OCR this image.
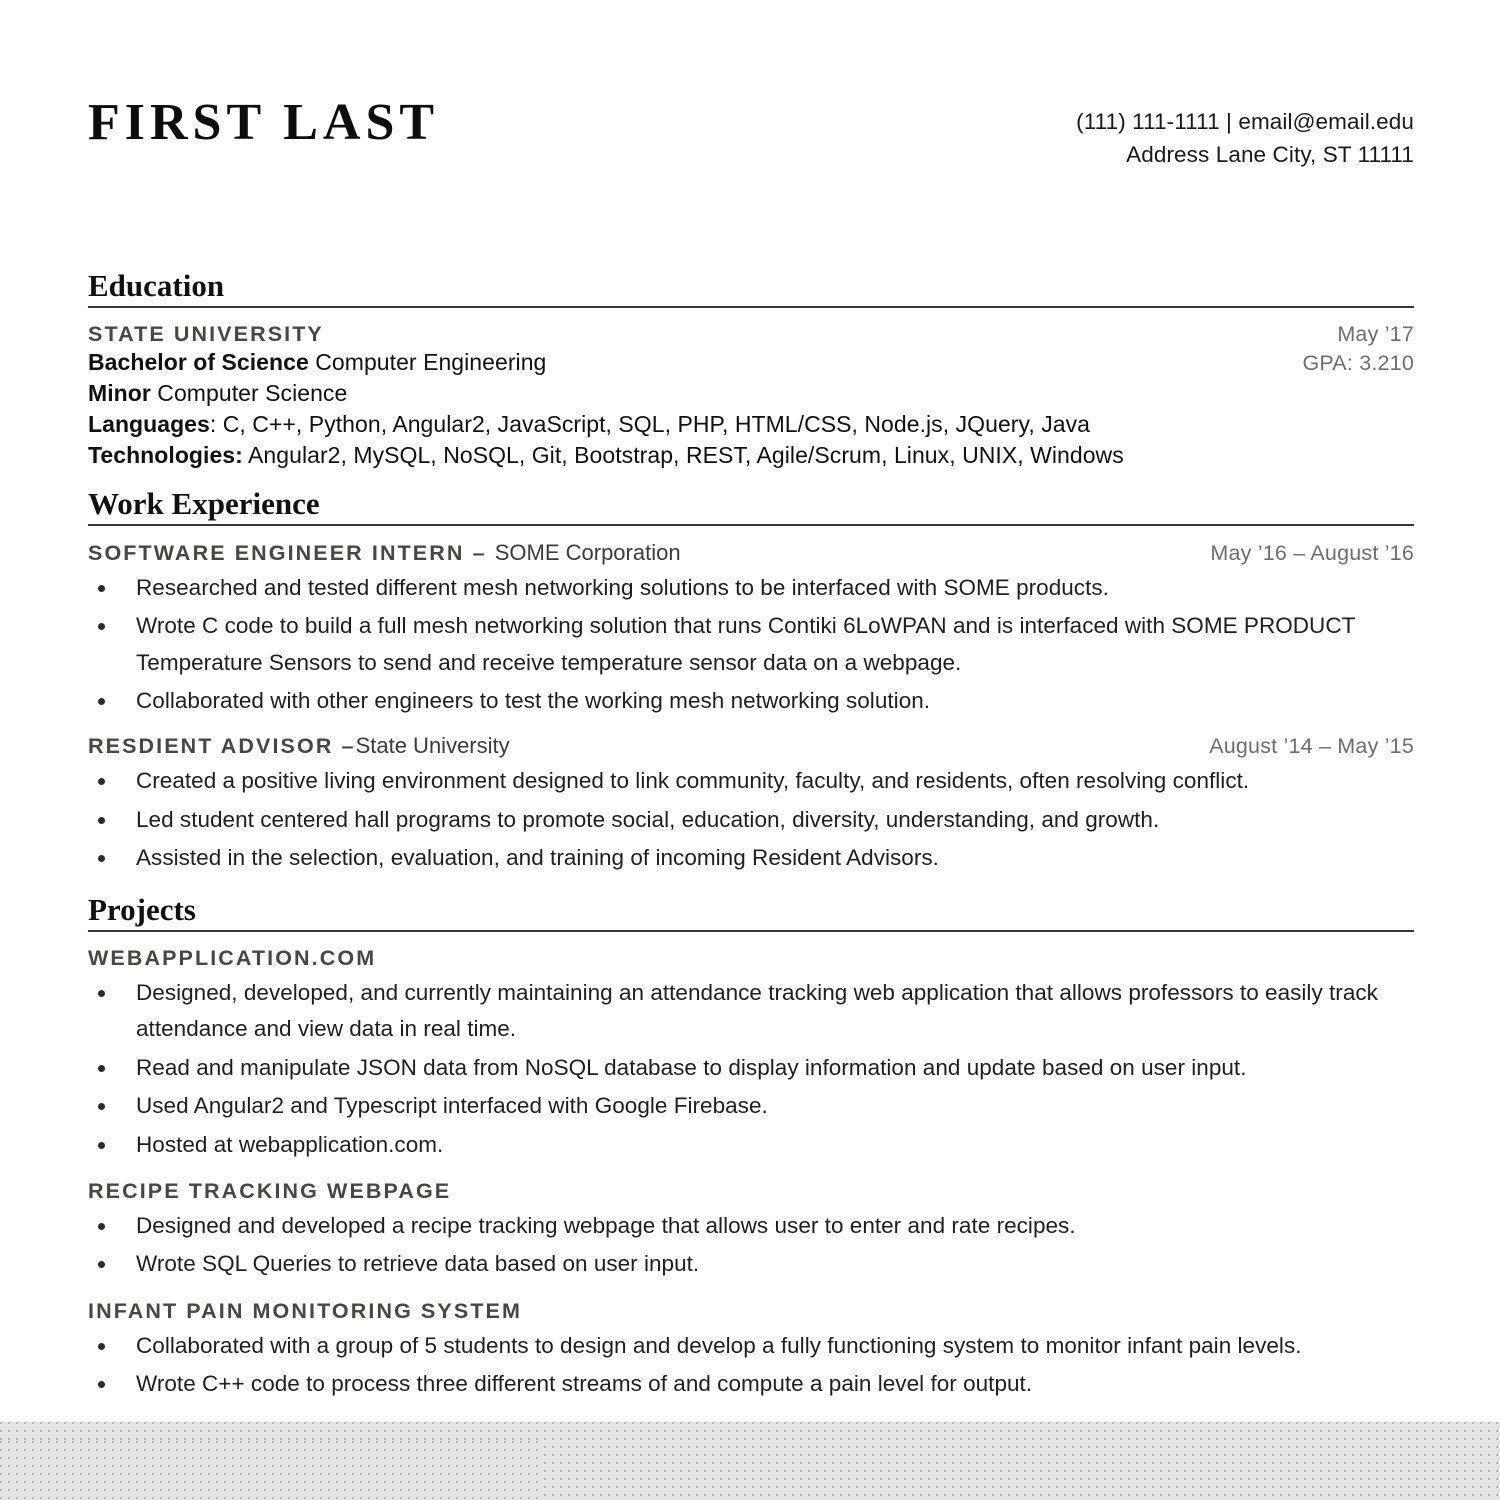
FIRST LAST	(111) 111-1111 | email@email.edu
Address Lane City, ST 11111
Education
STATE UNIVERSITY	May ’17
Bachelor of Science Computer Engineering	GPA: 3.210
Minor Computer Science
Languages: C, C++, Python, Angular2, JavaScript, SQL, PHP, HTML/CSS, Node.js, JQuery, Java
Technologies: Angular2, MySQL, NoSQL, Git, Bootstrap, REST, Agile/Scrum, Linux, UNIX, Windows
Work Experience
SOFTWARE ENGINEER INTERN – SOME Corporation	May ’16 – August ’16
Researched and tested different mesh networking solutions to be interfaced with SOME products.
Wrote C code to build a full mesh networking solution that runs Contiki 6LoWPAN and is interfaced with SOME PRODUCT Temperature Sensors to send and receive temperature sensor data on a webpage.
Collaborated with other engineers to test the working mesh networking solution.
RESDIENT ADVISOR –State University	August ’14 – May ’15
Created a positive living environment designed to link community, faculty, and residents, often resolving conflict.
Led student centered hall programs to promote social, education, diversity, understanding, and growth.
Assisted in the selection, evaluation, and training of incoming Resident Advisors.
Projects
WEBAPPLICATION.COM
Designed, developed, and currently maintaining an attendance tracking web application that allows professors to easily track attendance and view data in real time.
Read and manipulate JSON data from NoSQL database to display information and update based on user input.
Used Angular2 and Typescript interfaced with Google Firebase.
Hosted at webapplication.com.
RECIPE TRACKING WEBPAGE
Designed and developed a recipe tracking webpage that allows user to enter and rate recipes.
Wrote SQL Queries to retrieve data based on user input.
INFANT PAIN MONITORING SYSTEM
Collaborated with a group of 5 students to design and develop a fully functioning system to monitor infant pain levels.
Wrote C++ code to process three different streams of and compute a pain level for output.
